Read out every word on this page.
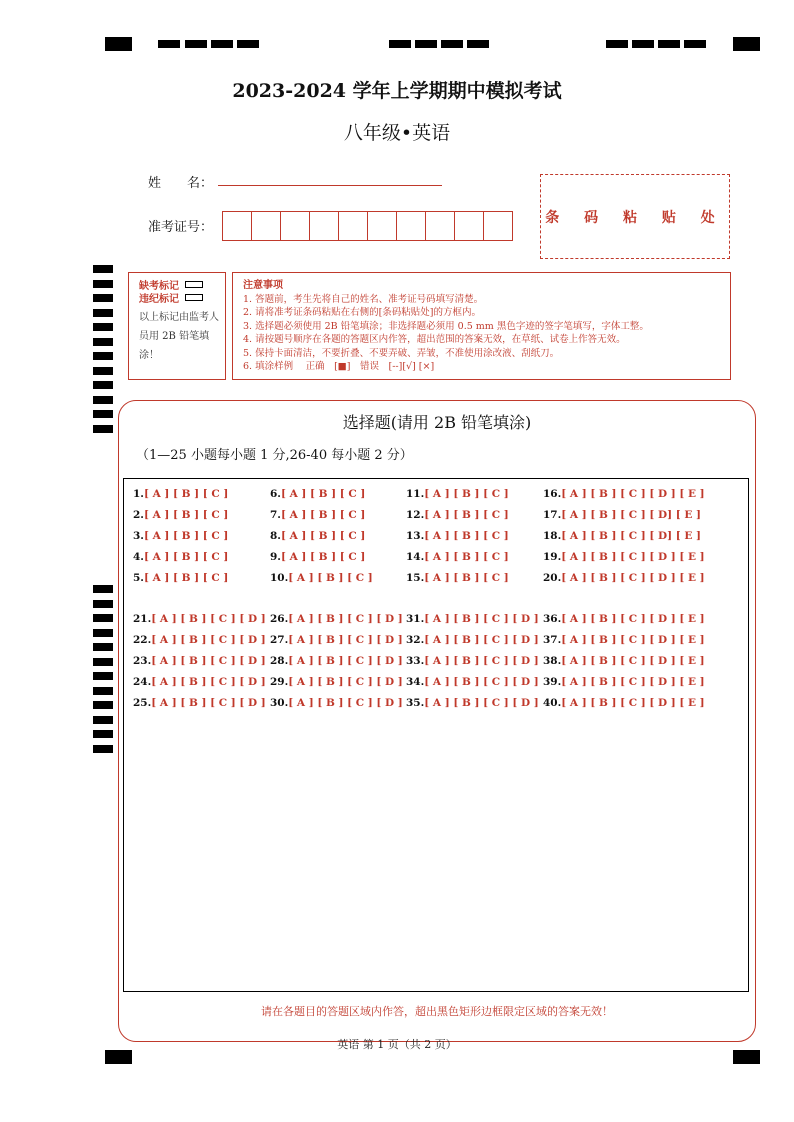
2023-2024 学年上学期期中模拟考试
八年级•英语
姓　　名：
准考证号：
条 码 粘 贴 处
缺考标记
违纪标记
以上标记由监考人员用 2B 铅笔填涂！
注意事项
1. 答题前，考生先将自己的姓名、准考证号码填写清楚。
2. 请将准考证条码粘贴在右侧的[条码粘贴处]的方框内。
3. 选择题必须使用 2B 铅笔填涂；非选择题必须用 0.5 mm 黑色字迹的签字笔填写，字体工整。
4. 请按题号顺序在各题的答题区内作答，超出范围的答案无效，在草纸、试卷上作答无效。
5. 保持卡面清洁，不要折叠、不要弄破、弄皱，不准使用涂改液、刮纸刀。
6. 填涂样例　 正确　[■]　错误　[--][√] [×]
选择题(请用 2B 铅笔填涂)
（1—25 小题每小题 1 分,26-40 每小题 2 分）
1.[ A ] [ B ] [ C ]	6.[ A ] [ B ] [ C ]	11.[ A ] [ B ] [ C ]	16.[ A ] [ B ] [ C ] [ D ] [ E ]
2.[ A ] [ B ] [ C ]	7.[ A ] [ B ] [ C ]	12.[ A ] [ B ] [ C ]	17.[ A ] [ B ] [ C ] [ D] [ E ]
3.[ A ] [ B ] [ C ]	8.[ A ] [ B ] [ C ]	13.[ A ] [ B ] [ C ]	18.[ A ] [ B ] [ C ] [ D] [ E ]
4.[ A ] [ B ] [ C ]	9.[ A ] [ B ] [ C ]	14.[ A ] [ B ] [ C ]	19.[ A ] [ B ] [ C ] [ D ] [ E ]
5.[ A ] [ B ] [ C ]	10.[ A ] [ B ] [ C ]	15.[ A ] [ B ] [ C ]	20.[ A ] [ B ] [ C ] [ D ] [ E ]
21.[ A ] [ B ] [ C ] [ D ] 26.[ A ] [ B ] [ C ] [ D ] 31.[ A ] [ B ] [ C ] [ D ] 36.[ A ] [ B ] [ C ] [ D ] [ E ]
22.[ A ] [ B ] [ C ] [ D ] 27.[ A ] [ B ] [ C ] [ D ] 32.[ A ] [ B ] [ C ] [ D ] 37.[ A ] [ B ] [ C ] [ D ] [ E ]
23.[ A ] [ B ] [ C ] [ D ] 28.[ A ] [ B ] [ C ] [ D ] 33.[ A ] [ B ] [ C ] [ D ] 38.[ A ] [ B ] [ C ] [ D ] [ E ]
24.[ A ] [ B ] [ C ] [ D ] 29.[ A ] [ B ] [ C ] [ D ] 34.[ A ] [ B ] [ C ] [ D ] 39.[ A ] [ B ] [ C ] [ D ] [ E ]
25.[ A ] [ B ] [ C ] [ D ] 30.[ A ] [ B ] [ C ] [ D ] 35.[ A ] [ B ] [ C ] [ D ] 40.[ A ] [ B ] [ C ] [ D ] [ E ]
请在各题目的答题区域内作答，超出黑色矩形边框限定区域的答案无效！
英语 第 1 页（共 2 页）
